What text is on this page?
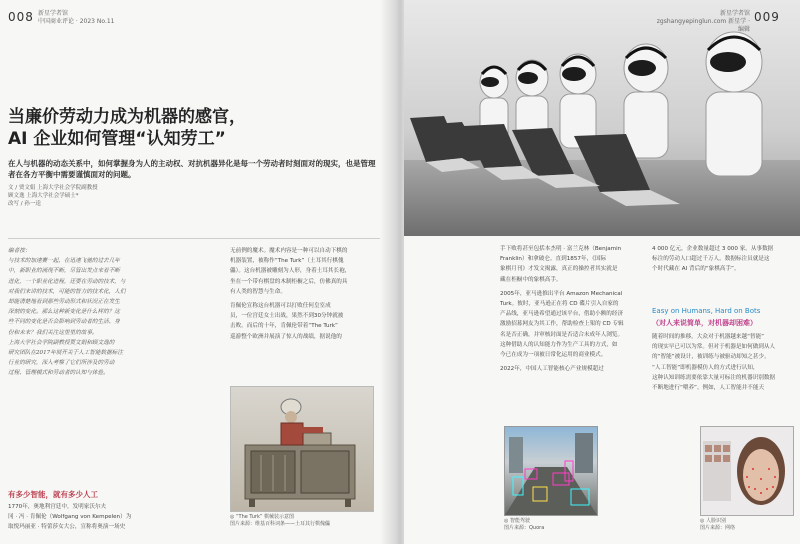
008 新星学者馆
中国商业评论 · 2023 No.11
当廉价劳动力成为机器的感官，
AI 企业如何管理“认知劳工”
在人与机器的动态关系中，如何掌握身为人的主动权、对抗机器异化是每一个劳动者时刻面对的现实，也是管理者在各方平衡中需要谨慎面对的问题。
文 / 贾文娟 上海大学社会学院副教授
顾文逸 上海大学社会学硕士*
改写 / 孙一逵
编者按：
与技术的加速赛一起，在迅速飞驰的过去几年
中，新职业的涌现不断，尽管出发点来看不断
进化，一个职业化进程，还要在劳动的技术，与
对我们来讲的技术，可能的智力的技术化，人们
却能清楚地看到那些劳动形式和状况正在发生
深刻的变化。那么这种新变化是什么样的？这
些不同的变化是否会影响到劳动者的生活、身
份和未来？我们关注这里里的故事。
上海大学社会学院副教授贾文娟和顾文逸的
研究团队在2017年展开关于人工智能数据标注
行业的研究，深入考察了它们所涉及的劳动
过程、管理模式和劳动者的认知与体验。
有多少智能，就有多少人工
1770年，奥地利宫廷中，发明家沃尔夫
冈 · 冯 · 肯佩伦（Wolfgang von Kempelen）为
取悦玛丽亚 · 特蕾莎女大公，宣称将奥演一场史
无前例的魔术。魔术内容是一种可以自动下棋的
机器装置，被称作“The Turk”（土耳其行棋傀
儡）。这台机器被雕刻为人形，身着土耳其长袍，
坐在一个带有棋盘的木制柜橱之后，仿佛真的具
有人类的智慧与生命。
肯佩伦宣称这台机器可以打败任何皇室成
员，一位宫廷女士出战，果然不到30分钟就被
击败。而后的十年，肯佩伦带着“The Turk”
巡游整个欧洲并展演了惊人的战绩，据说他的
◎ “The Turk” 棋械装示意图
图片来源：维基百科词条——土耳其行棋傀儡
009
新星学者馆
zgshangyepinglun.com 新星学 · 编辑
手下败将甚至包括本杰明 · 富兰克林（Benjamin
Franklin）和拿破仑。直到1857年，《国际
象棋月刊》才发文揭露，真正的操控者其实就是
藏在柜橱中的象棋高手。
2005年，亚马逊推出平台 Amazon Mechanical
Turk。彼时，亚马逊正在将 CD 碟片引入自家的
产品线，亚马逊希望通过该平台，借助小额的经济
激励招募网友为其工作，帮助检查上架的 CD 专辑
名是否正确，并审核封面是否适合未成年人浏览。
这种借助人的认知能力作为生产工具的方式，如
今已在成为一项被日常化运用的商业模式。
2022年，中国人工智能核心产业规模超过
4 000 亿元，企业数量超过 3 000 家。从事数据
标注的劳动人口超过千万人。数据标注员就是这
个时代藏在 AI 背后的“象棋高手”。
Easy on Humans, Hard on Bots
（对人来说简单，对机器却困难）
随着时间的推移，大众对于机器越来越“智能”
的现实早已可以为常。但对于机器是如何做到从人
的“智能”被设计，被训练与被驱动却知之甚少。
“人工智能”即机器模仿人的方式进行认知，
这种认知训练需要依靠大量可标注的机器识别数据
不断地进行“喂养”。例如，人工智能并不能天
◎ 智能驾驶
图片来源：Quora
◎ 人脸识别
图片来源：网络
